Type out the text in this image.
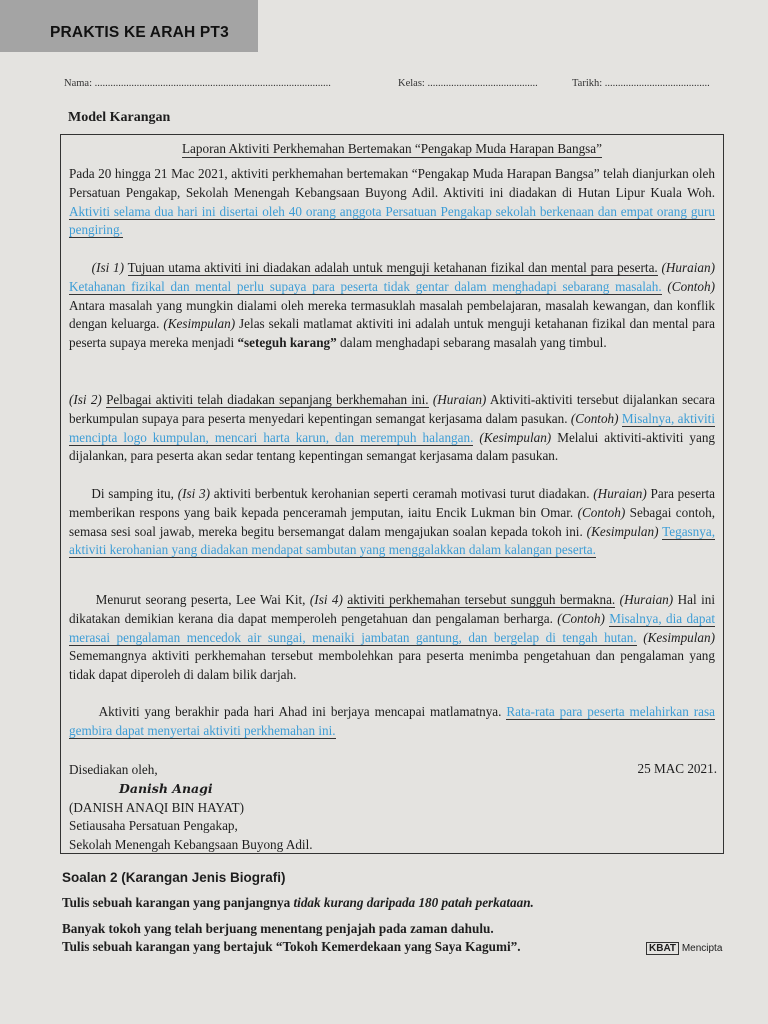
PRAKTIS KE ARAH PT3
Nama: ..........................................................................................	Kelas: ..........................................	Tarikh: ........................................
Model Karangan
Laporan Aktiviti Perkhemahan Bertemakan “Pengakap Muda Harapan Bangsa”
Pada 20 hingga 21 Mac 2021, aktiviti perkhemahan bertemakan “Pengakap Muda Harapan Bangsa” telah dianjurkan oleh Persatuan Pengakap, Sekolah Menengah Kebangsaan Buyong Adil. Aktiviti ini diadakan di Hutan Lipur Kuala Woh. Aktiviti selama dua hari ini disertai oleh 40 orang anggota Persatuan Pengakap sekolah berkenaan dan empat orang guru pengiring.
(Isi 1) Tujuan utama aktiviti ini diadakan adalah untuk menguji ketahanan fizikal dan mental para peserta. (Huraian) Ketahanan fizikal dan mental perlu supaya para peserta tidak gentar dalam menghadapi sebarang masalah. (Contoh) Antara masalah yang mungkin dialami oleh mereka termasuklah masalah pembelajaran, masalah kewangan, dan konflik dengan keluarga. (Kesimpulan) Jelas sekali matlamat aktiviti ini adalah untuk menguji ketahanan fizikal dan mental para peserta supaya mereka menjadi “seteguh karang” dalam menghadapi sebarang masalah yang timbul.
(Isi 2) Pelbagai aktiviti telah diadakan sepanjang berkhemahan ini. (Huraian) Aktiviti-aktiviti tersebut dijalankan secara berkumpulan supaya para peserta menyedari kepentingan semangat kerjasama dalam pasukan. (Contoh) Misalnya, aktiviti mencipta logo kumpulan, mencari harta karun, dan merempuh halangan. (Kesimpulan) Melalui aktiviti-aktiviti yang dijalankan, para peserta akan sedar tentang kepentingan semangat kerjasama dalam pasukan.
Di samping itu, (Isi 3) aktiviti berbentuk kerohanian seperti ceramah motivasi turut diadakan. (Huraian) Para peserta memberikan respons yang baik kepada penceramah jemputan, iaitu Encik Lukman bin Omar. (Contoh) Sebagai contoh, semasa sesi soal jawab, mereka begitu bersemangat dalam mengajukan soalan kepada tokoh ini. (Kesimpulan) Tegasnya, aktiviti kerohanian yang diadakan mendapat sambutan yang menggalakkan dalam kalangan peserta.
Menurut seorang peserta, Lee Wai Kit, (Isi 4) aktiviti perkhemahan tersebut sungguh bermakna. (Huraian) Hal ini dikatakan demikian kerana dia dapat memperoleh pengetahuan dan pengalaman berharga. (Contoh) Misalnya, dia dapat merasai pengalaman mencedok air sungai, menaiki jambatan gantung, dan bergelap di tengah hutan. (Kesimpulan) Sememangnya aktiviti perkhemahan tersebut membolehkan para peserta menimba pengetahuan dan pengalaman yang tidak dapat diperoleh di dalam bilik darjah.
Aktiviti yang berakhir pada hari Ahad ini berjaya mencapai matlamatnya. Rata-rata para peserta melahirkan rasa gembira dapat menyertai aktiviti perkhemahan ini.
Disediakan oleh,
Danish Anagi
(DANISH ANAQI BIN HAYAT)
Setiausaha Persatuan Pengakap,
Sekolah Menengah Kebangsaan Buyong Adil.
25 MAC 2021.
Soalan 2 (Karangan Jenis Biografi)
Tulis sebuah karangan yang panjangnya tidak kurang daripada 180 patah perkataan.
Banyak tokoh yang telah berjuang menentang penjajah pada zaman dahulu.
Tulis sebuah karangan yang bertajuk “Tokoh Kemerdekaan yang Saya Kagumi”.	KBAT Mencipta
